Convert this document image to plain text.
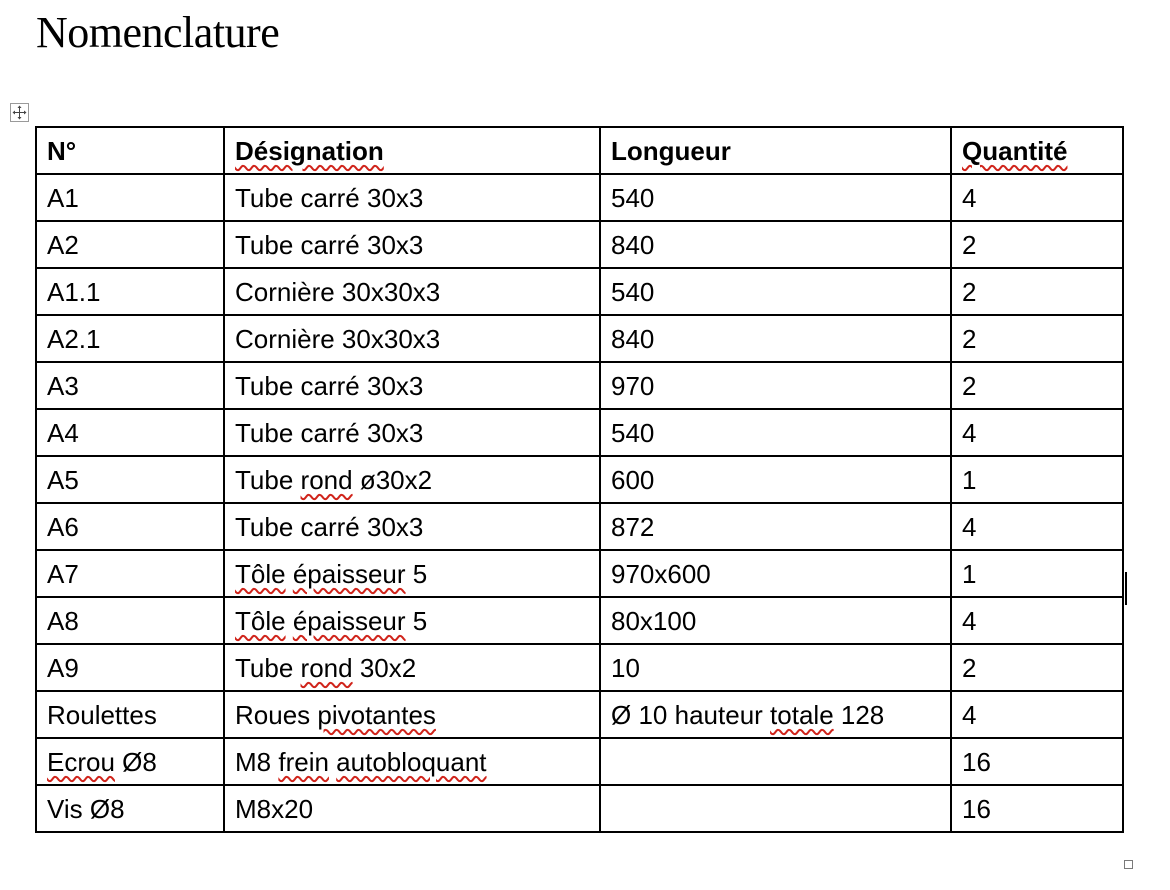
Nomenclature
N°	Désignation	Longueur	Quantité
A1	Tube carré 30x3	540	4
A2	Tube carré 30x3	840	2
A1.1	Cornière 30x30x3	540	2
A2.1	Cornière 30x30x3	840	2
A3	Tube carré 30x3	970	2
A4	Tube carré 30x3	540	4
A5	Tube rond ø30x2	600	1
A6	Tube carré 30x3	872	4
A7	Tôle épaisseur 5	970x600	1
A8	Tôle épaisseur 5	80x100	4
A9	Tube rond 30x2	10	2
Roulettes	Roues pivotantes	Ø 10 hauteur totale 128	4
Ecrou Ø8	M8 frein autobloquant		16
Vis Ø8	M8x20		16
